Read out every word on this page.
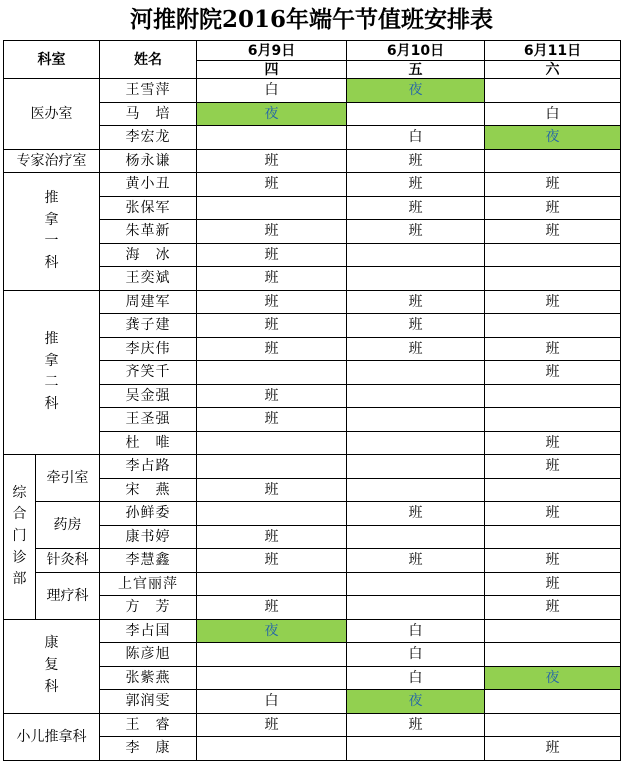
河推附院2016年端午节值班安排表
科室		姓名	6月9日	6月10日	6月11日
			四	五	六
医办室		王雪萍	白	夜	
		马　培	夜		白
		李宏龙		白	夜
专家治疗室		杨永谦	班	班	
推
拿
一
科		黄小丑	班	班	班
		张保军		班	班
		朱革新	班	班	班
		海　冰	班		
		王奕斌	班		
推
拿
二
科		周建军	班	班	班
		龚子建	班	班	
		李庆伟	班	班	班
		齐笑千			班
		吴金强	班		
		王圣强	班		
		杜　唯			班
综
合
门
诊
部	牵引室	李占路			班
		宋　燕	班		
	药房	孙鲜委		班	班
		康书婷	班		
	针灸科	李慧鑫	班	班	班
	理疗科	上官丽萍			班
		方　芳	班		班
康
复
科		李占国	夜	白	
		陈彦旭		白	
		张紫燕		白	夜
		郭润雯	白	夜	
小儿推拿科		王　睿	班	班	
		李　康			班
